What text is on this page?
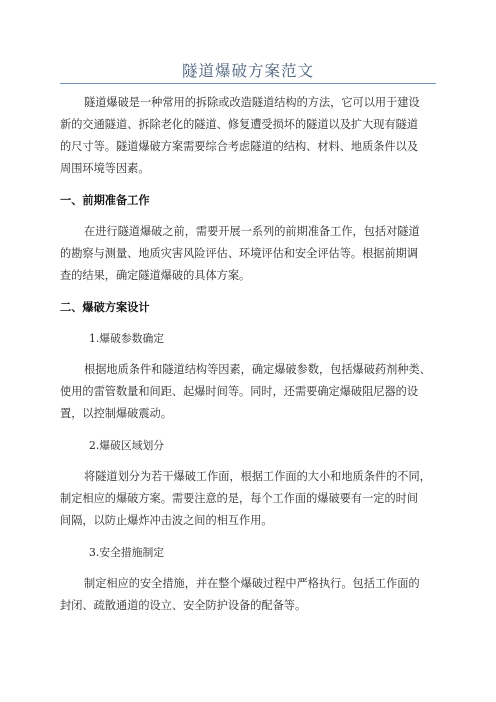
隧道爆破方案范文
隧道爆破是一种常用的拆除或改造隧道结构的方法，它可以用于建设
新的交通隧道、拆除老化的隧道、修复遭受损坏的隧道以及扩大现有隧道
的尺寸等。隧道爆破方案需要综合考虑隧道的结构、材料、地质条件以及
周围环境等因素。
一、前期准备工作
在进行隧道爆破之前，需要开展一系列的前期准备工作，包括对隧道
的勘察与测量、地质灾害风险评估、环境评估和安全评估等。根据前期调
查的结果，确定隧道爆破的具体方案。
二、爆破方案设计
1.爆破参数确定
根据地质条件和隧道结构等因素，确定爆破参数，包括爆破药剂种类、
使用的雷管数量和间距、起爆时间等。同时，还需要确定爆破阻尼器的设
置，以控制爆破震动。
2.爆破区域划分
将隧道划分为若干爆破工作面，根据工作面的大小和地质条件的不同，
制定相应的爆破方案。需要注意的是，每个工作面的爆破要有一定的时间
间隔，以防止爆炸冲击波之间的相互作用。
3.安全措施制定
制定相应的安全措施，并在整个爆破过程中严格执行。包括工作面的
封闭、疏散通道的设立、安全防护设备的配备等。
